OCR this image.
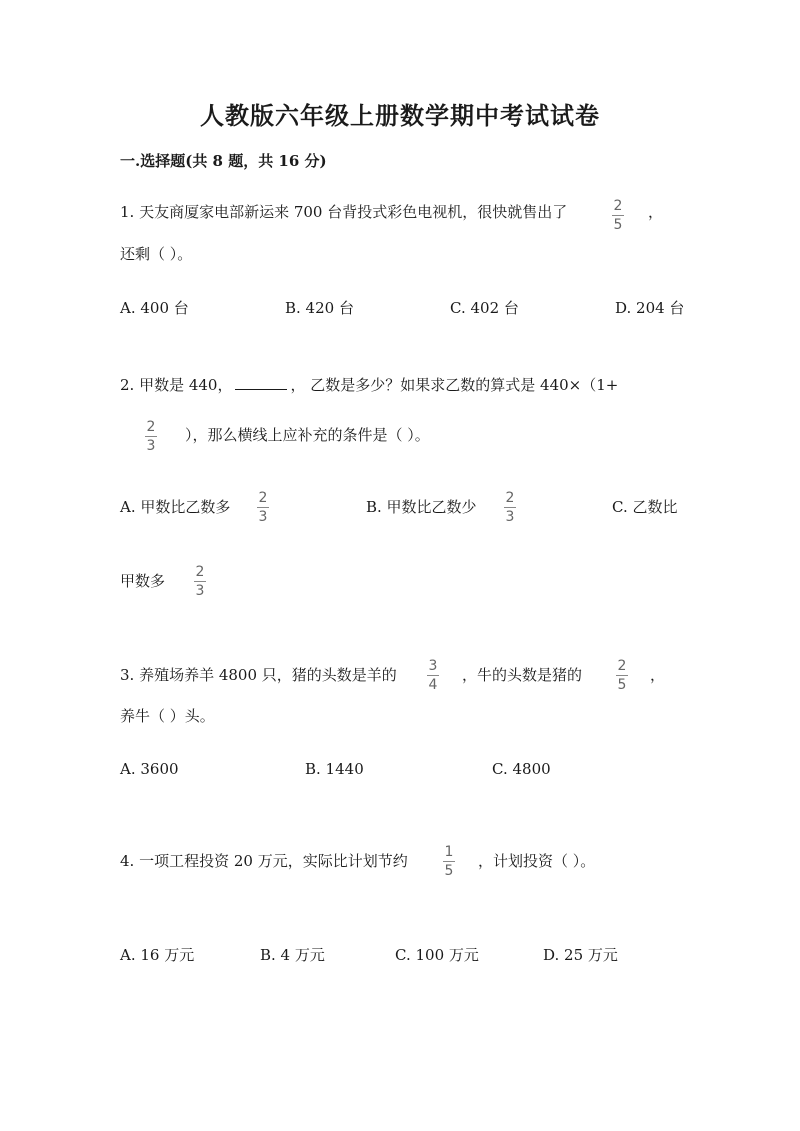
人教版六年级上册数学期中考试试卷
一.选择题(共 8 题，共 16 分)
1. 天友商厦家电部新运来 700 台背投式彩色电视机，很快就售出了	2
5
，
还剩（ ）。
A. 400 台	B. 420 台	C. 402 台	D. 204 台
2. 甲数是 440，	， 乙数是多少？如果求乙数的算式是 440×（1+
2
3
），那么横线上应补充的条件是（ ）。
A. 甲数比乙数多 2
3
B. 甲数比乙数少 2
3
C. 乙数比
甲数多 2
3
3. 养殖场养羊 4800 只，猪的头数是羊的 3
4
，牛的头数是猪的	2
5
，
养牛（ ）头。
A. 3600	B. 1440	C. 4800
4. 一项工程投资 20 万元，实际比计划节约	1
5
，计划投资（ ）。
A. 16 万元	B. 4 万元	C. 100 万元	D. 25 万元
